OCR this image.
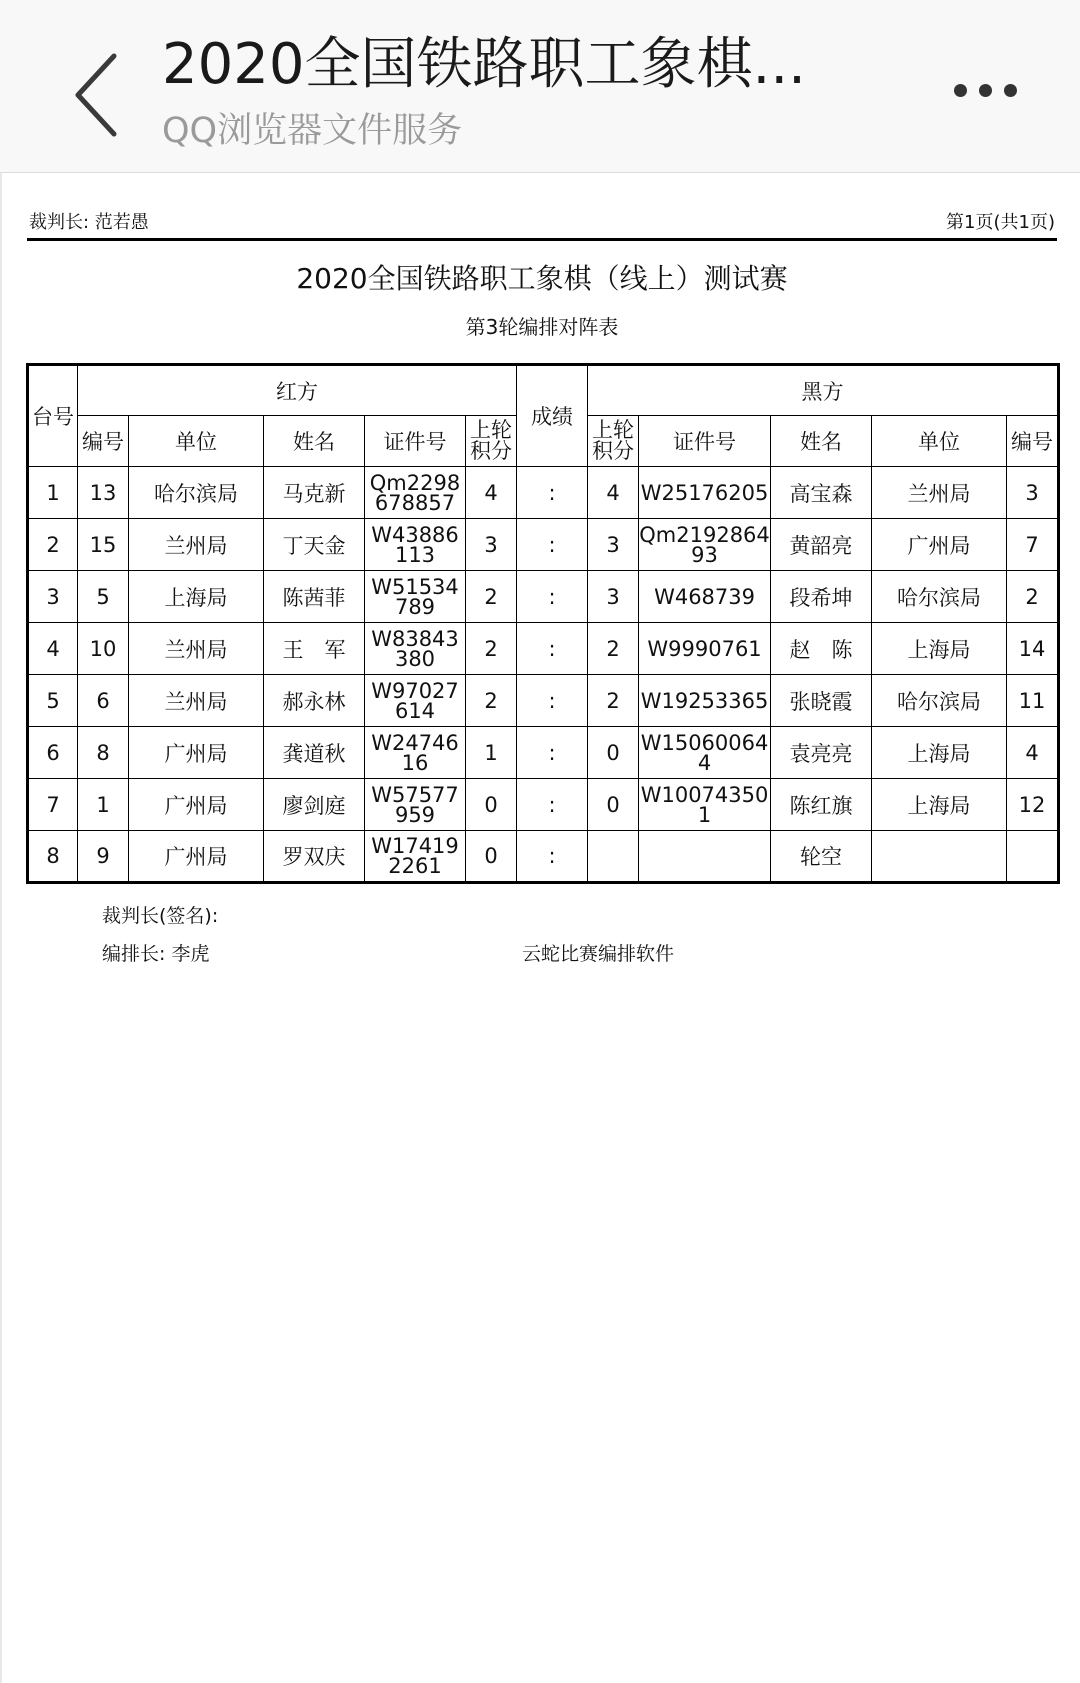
2020全国铁路职工象棋...
QQ浏览器文件服务
裁判长: 范若愚	第1页(共1页)
2020全国铁路职工象棋（线上）测试赛
第3轮编排对阵表
台号	红方					成绩	黑方				
	编号	单位	姓名	证件号	上轮积分		上轮积分	证件号	姓名	单位	编号
1	13	哈尔滨局	马克新	Qm2298678857	4	:	4	W25176205	高宝森	兰州局	3
2	15	兰州局	丁天金	W43886113	3	:	3	Qm219286493	黄韶亮	广州局	7
3	5	上海局	陈茜菲	W51534789	2	:	3	W468739	段希坤	哈尔滨局	2
4	10	兰州局	王　军	W83843380	2	:	2	W9990761	赵　陈	上海局	14
5	6	兰州局	郝永林	W97027614	2	:	2	W19253365	张晓霞	哈尔滨局	11
6	8	广州局	龚道秋	W2474616	1	:	0	W150600644	袁亮亮	上海局	4
7	1	广州局	廖剑庭	W57577959	0	:	0	W100743501	陈红旗	上海局	12
8	9	广州局	罗双庆	W174192261	0	:			轮空		
裁判长(签名):
编排长: 李虎	云蛇比赛编排软件
